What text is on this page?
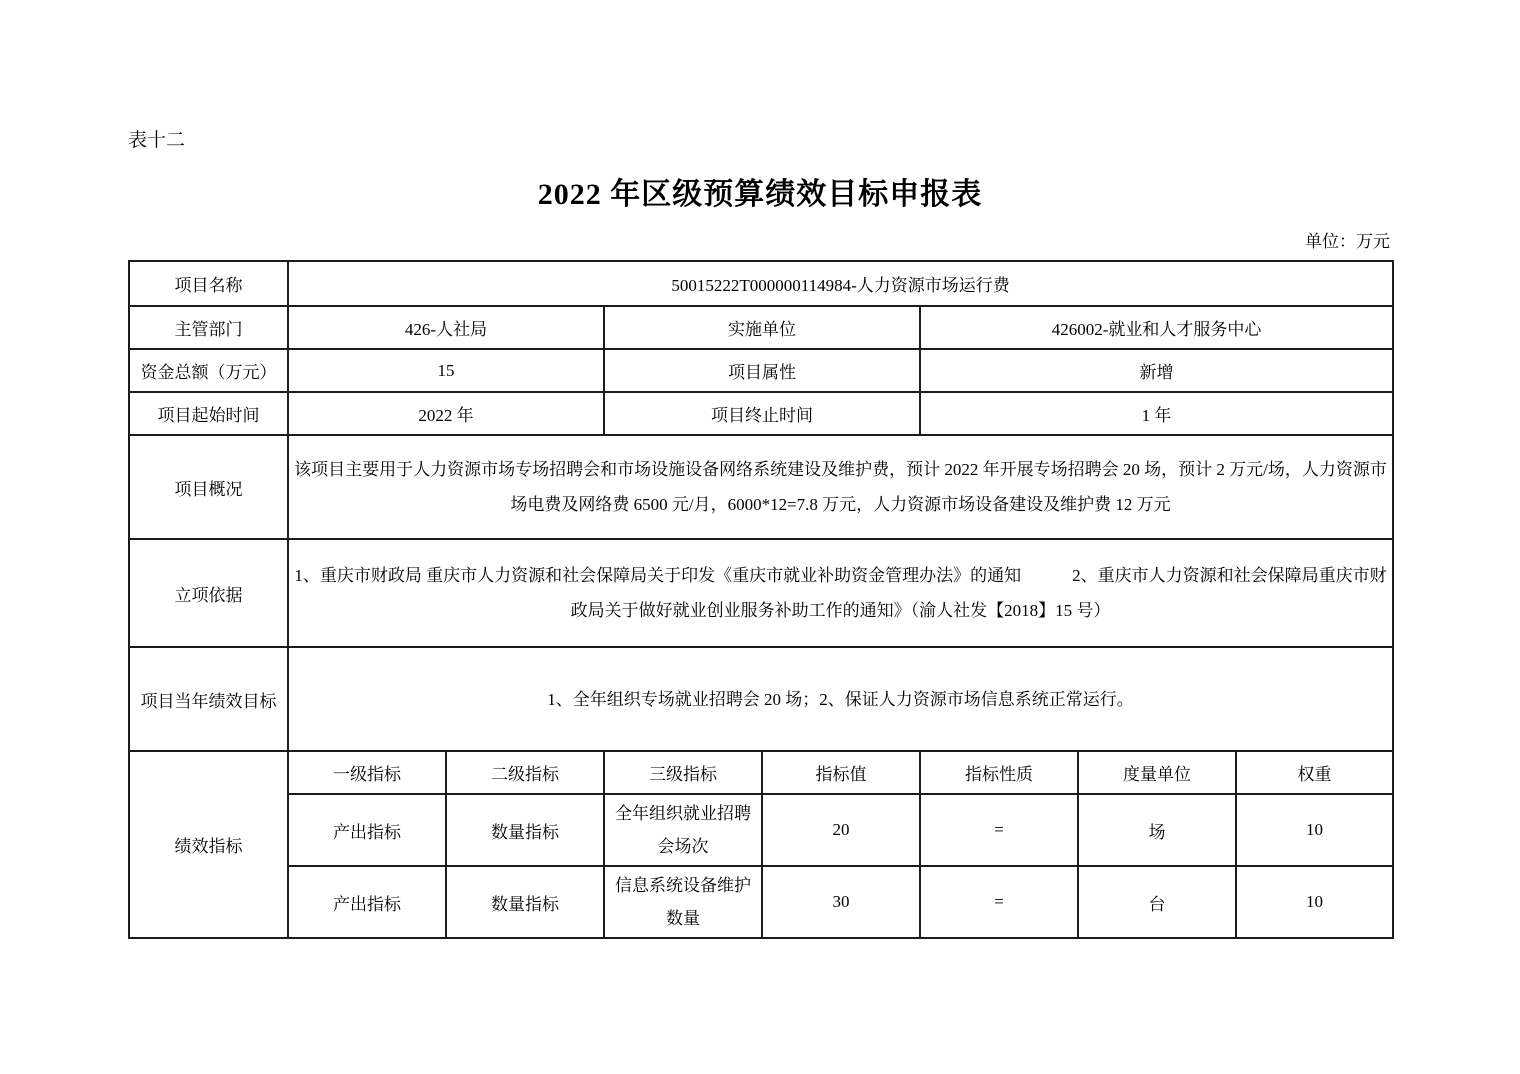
表十二
2022 年区级预算绩效目标申报表
单位：万元
项目名称	50015222T000000114984-人力资源市场运行费						
主管部门	426-人社局		实施单位		426002-就业和人才服务中心		
资金总额（万元）	15		项目属性		新增		
项目起始时间	2022 年		项目终止时间		1 年		
项目概况	该项目主要用于人力资源市场专场招聘会和市场设施设备网络系统建设及维护费，预计 2022 年开展专场招聘会 20 场，预计 2 万元/场，人力资源市场电费及网络费 6500 元/月，6000*12=7.8 万元，人力资源市场设备建设及维护费 12 万元						
立项依据	1、重庆市财政局 重庆市人力资源和社会保障局关于印发《重庆市就业补助资金管理办法》的通知　　　2、重庆市人力资源和社会保障局重庆市财政局关于做好就业创业服务补助工作的通知》（渝人社发【2018】15 号）						
项目当年绩效目标	1、全年组织专场就业招聘会 20 场；2、保证人力资源市场信息系统正常运行。						
绩效指标	一级指标	二级指标	三级指标	指标值	指标性质	度量单位	权重
	产出指标	数量指标	全年组织就业招聘会场次	20	=	场	10
	产出指标	数量指标	信息系统设备维护数量	30	=	台	10
